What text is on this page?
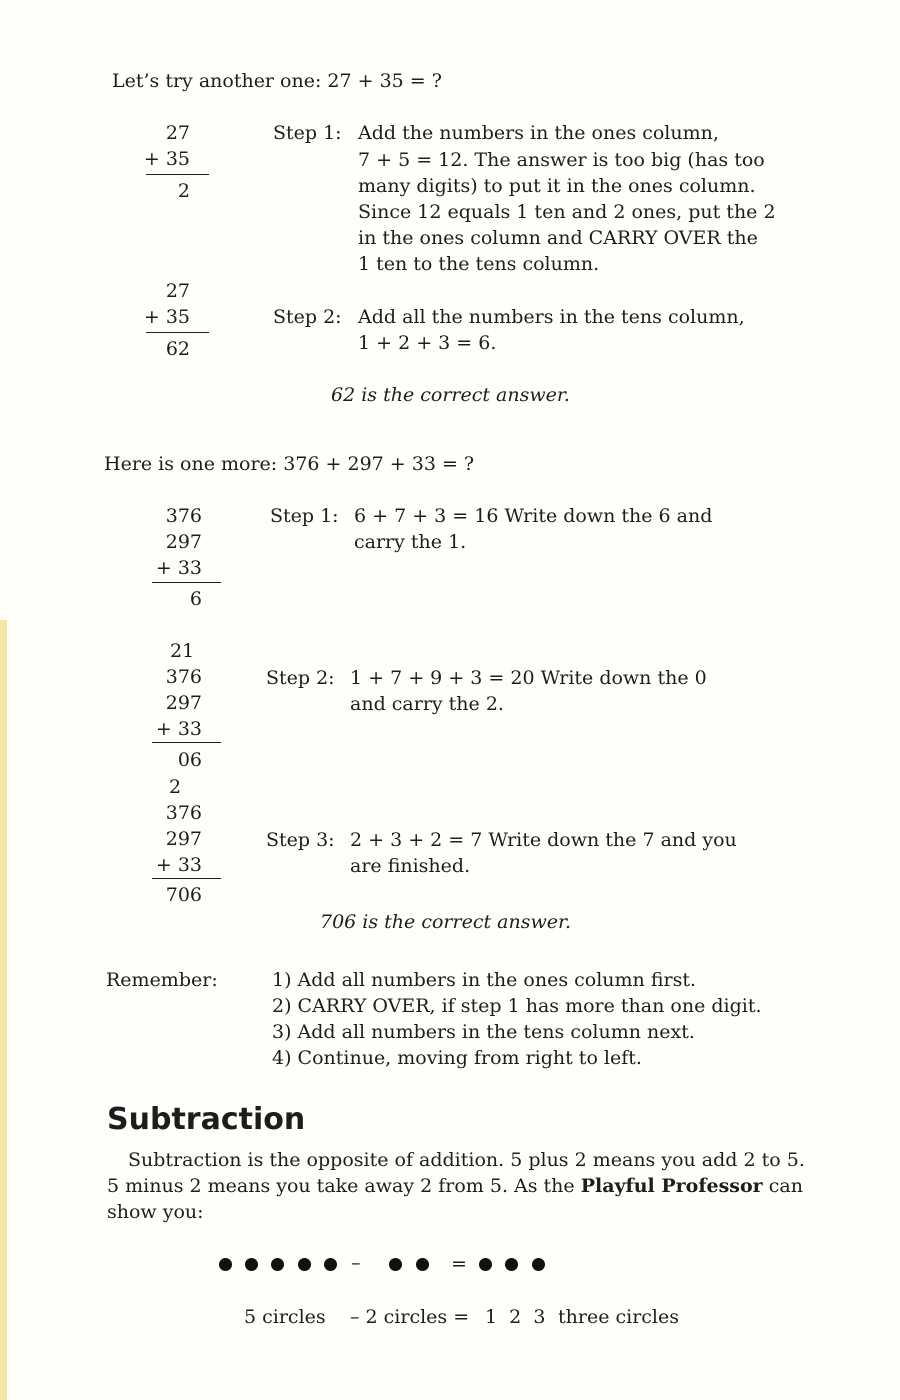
Let’s try another one: 27 + 35 = ?
27
+ 35
2
Step 1: Add the numbers in the ones column,
7 + 5 = 12. The answer is too big (has too
many digits) to put it in the ones column.
Since 12 equals 1 ten and 2 ones, put the 2
in the ones column and CARRY OVER the
1 ten to the tens column.
27
+ 35
62
Step 2: Add all the numbers in the tens column,
1 + 2 + 3 = 6.
62 is the correct answer.
Here is one more: 376 + 297 + 33 = ?
376
297
+ 33
6
Step 1: 6 + 7 + 3 = 16 Write down the 6 and
carry the 1.
21
376
297
+ 33
06
Step 2: 1 + 7 + 9 + 3 = 20 Write down the 0
and carry the 2.
2
376
297
+ 33
706
Step 3: 2 + 3 + 2 = 7 Write down the 7 and you
are finished.
706 is the correct answer.
Remember:	1) Add all numbers in the ones column first.
2) CARRY OVER, if step 1 has more than one digit.
3) Add all numbers in the tens column next.
4) Continue, moving from right to left.
Subtraction
Subtraction is the opposite of addition. 5 plus 2 means you add 2 to 5.
5 minus 2 means you take away 2 from 5. As the Playful Professor can
show you:
–	=
5 circles – 2 circles = 1  2  3 three circles
